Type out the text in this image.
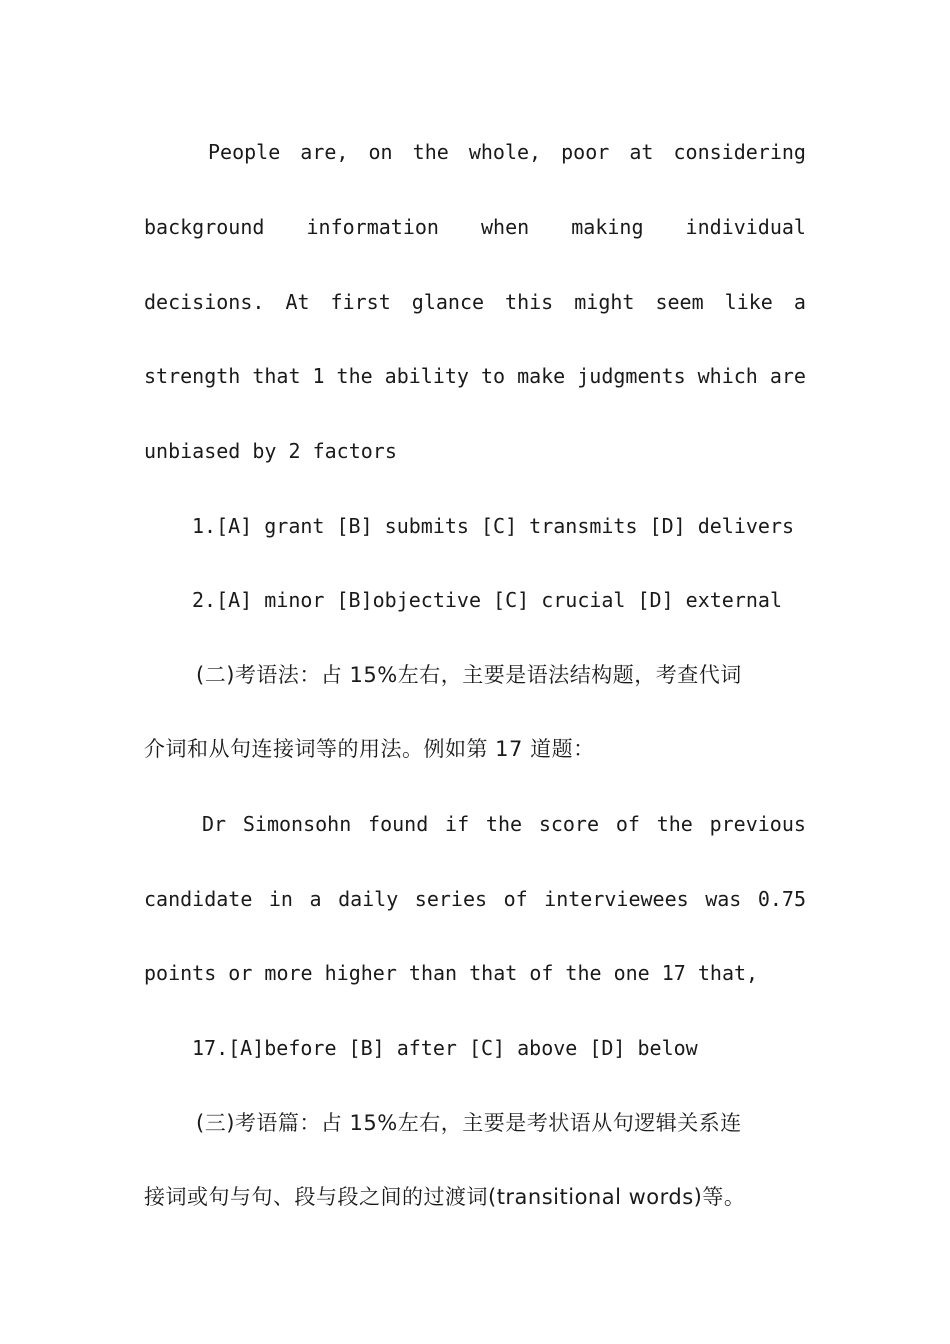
People are, on the whole, poor at considering
background information when making individual
decisions. At first glance this might seem like a
strength that 1 the ability to make judgments which are
unbiased by 2 factors
1.[A] grant [B] submits [C] transmits [D] delivers
2.[A] minor [B]objective [C] crucial [D] external
(二)考语法：占 15%左右，主要是语法结构题，考查代词
介词和从句连接词等的用法。例如第 17 道题：
Dr Simonsohn found if the score of the previous
candidate in a daily series of interviewees was 0.75
points or more higher than that of the one 17 that,
17.[A]before [B] after [C] above [D] below
(三)考语篇：占 15%左右，主要是考状语从句逻辑关系连
接词或句与句、段与段之间的过渡词(transitional words)等。
